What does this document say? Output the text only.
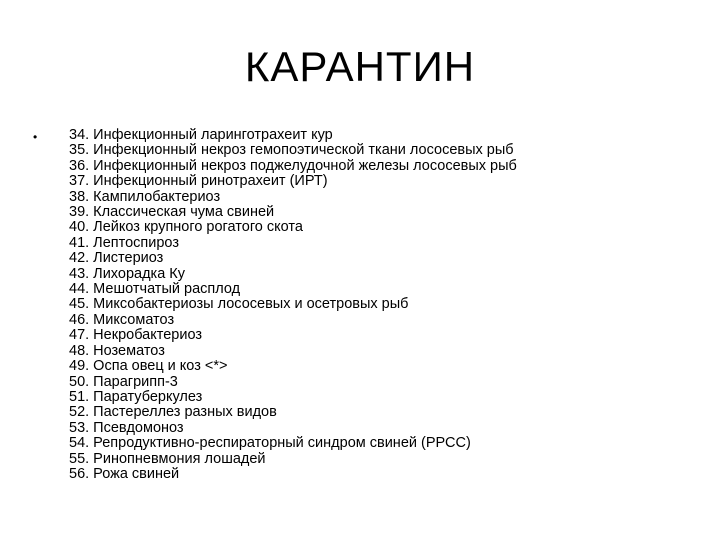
КАРАНТИН
• 34. Инфекционный ларинготрахеит кур
35. Инфекционный некроз гемопоэтической ткани лососевых рыб
36. Инфекционный некроз поджелудочной железы лососевых рыб
37. Инфекционный ринотрахеит (ИРТ)
38. Кампилобактериоз
39. Классическая чума свиней
40. Лейкоз крупного рогатого скота
41. Лептоспироз
42. Листериоз
43. Лихорадка Ку
44. Мешотчатый расплод
45. Миксобактериозы лососевых и осетровых рыб
46. Миксоматоз
47. Некробактериоз
48. Нозематоз
49. Оспа овец и коз <*>
50. Парагрипп-3
51. Паратуберкулез
52. Пастереллез разных видов
53. Псевдомоноз
54. Репродуктивно-респираторный синдром свиней (РРСС)
55. Ринопневмония лошадей
56. Рожа свиней
